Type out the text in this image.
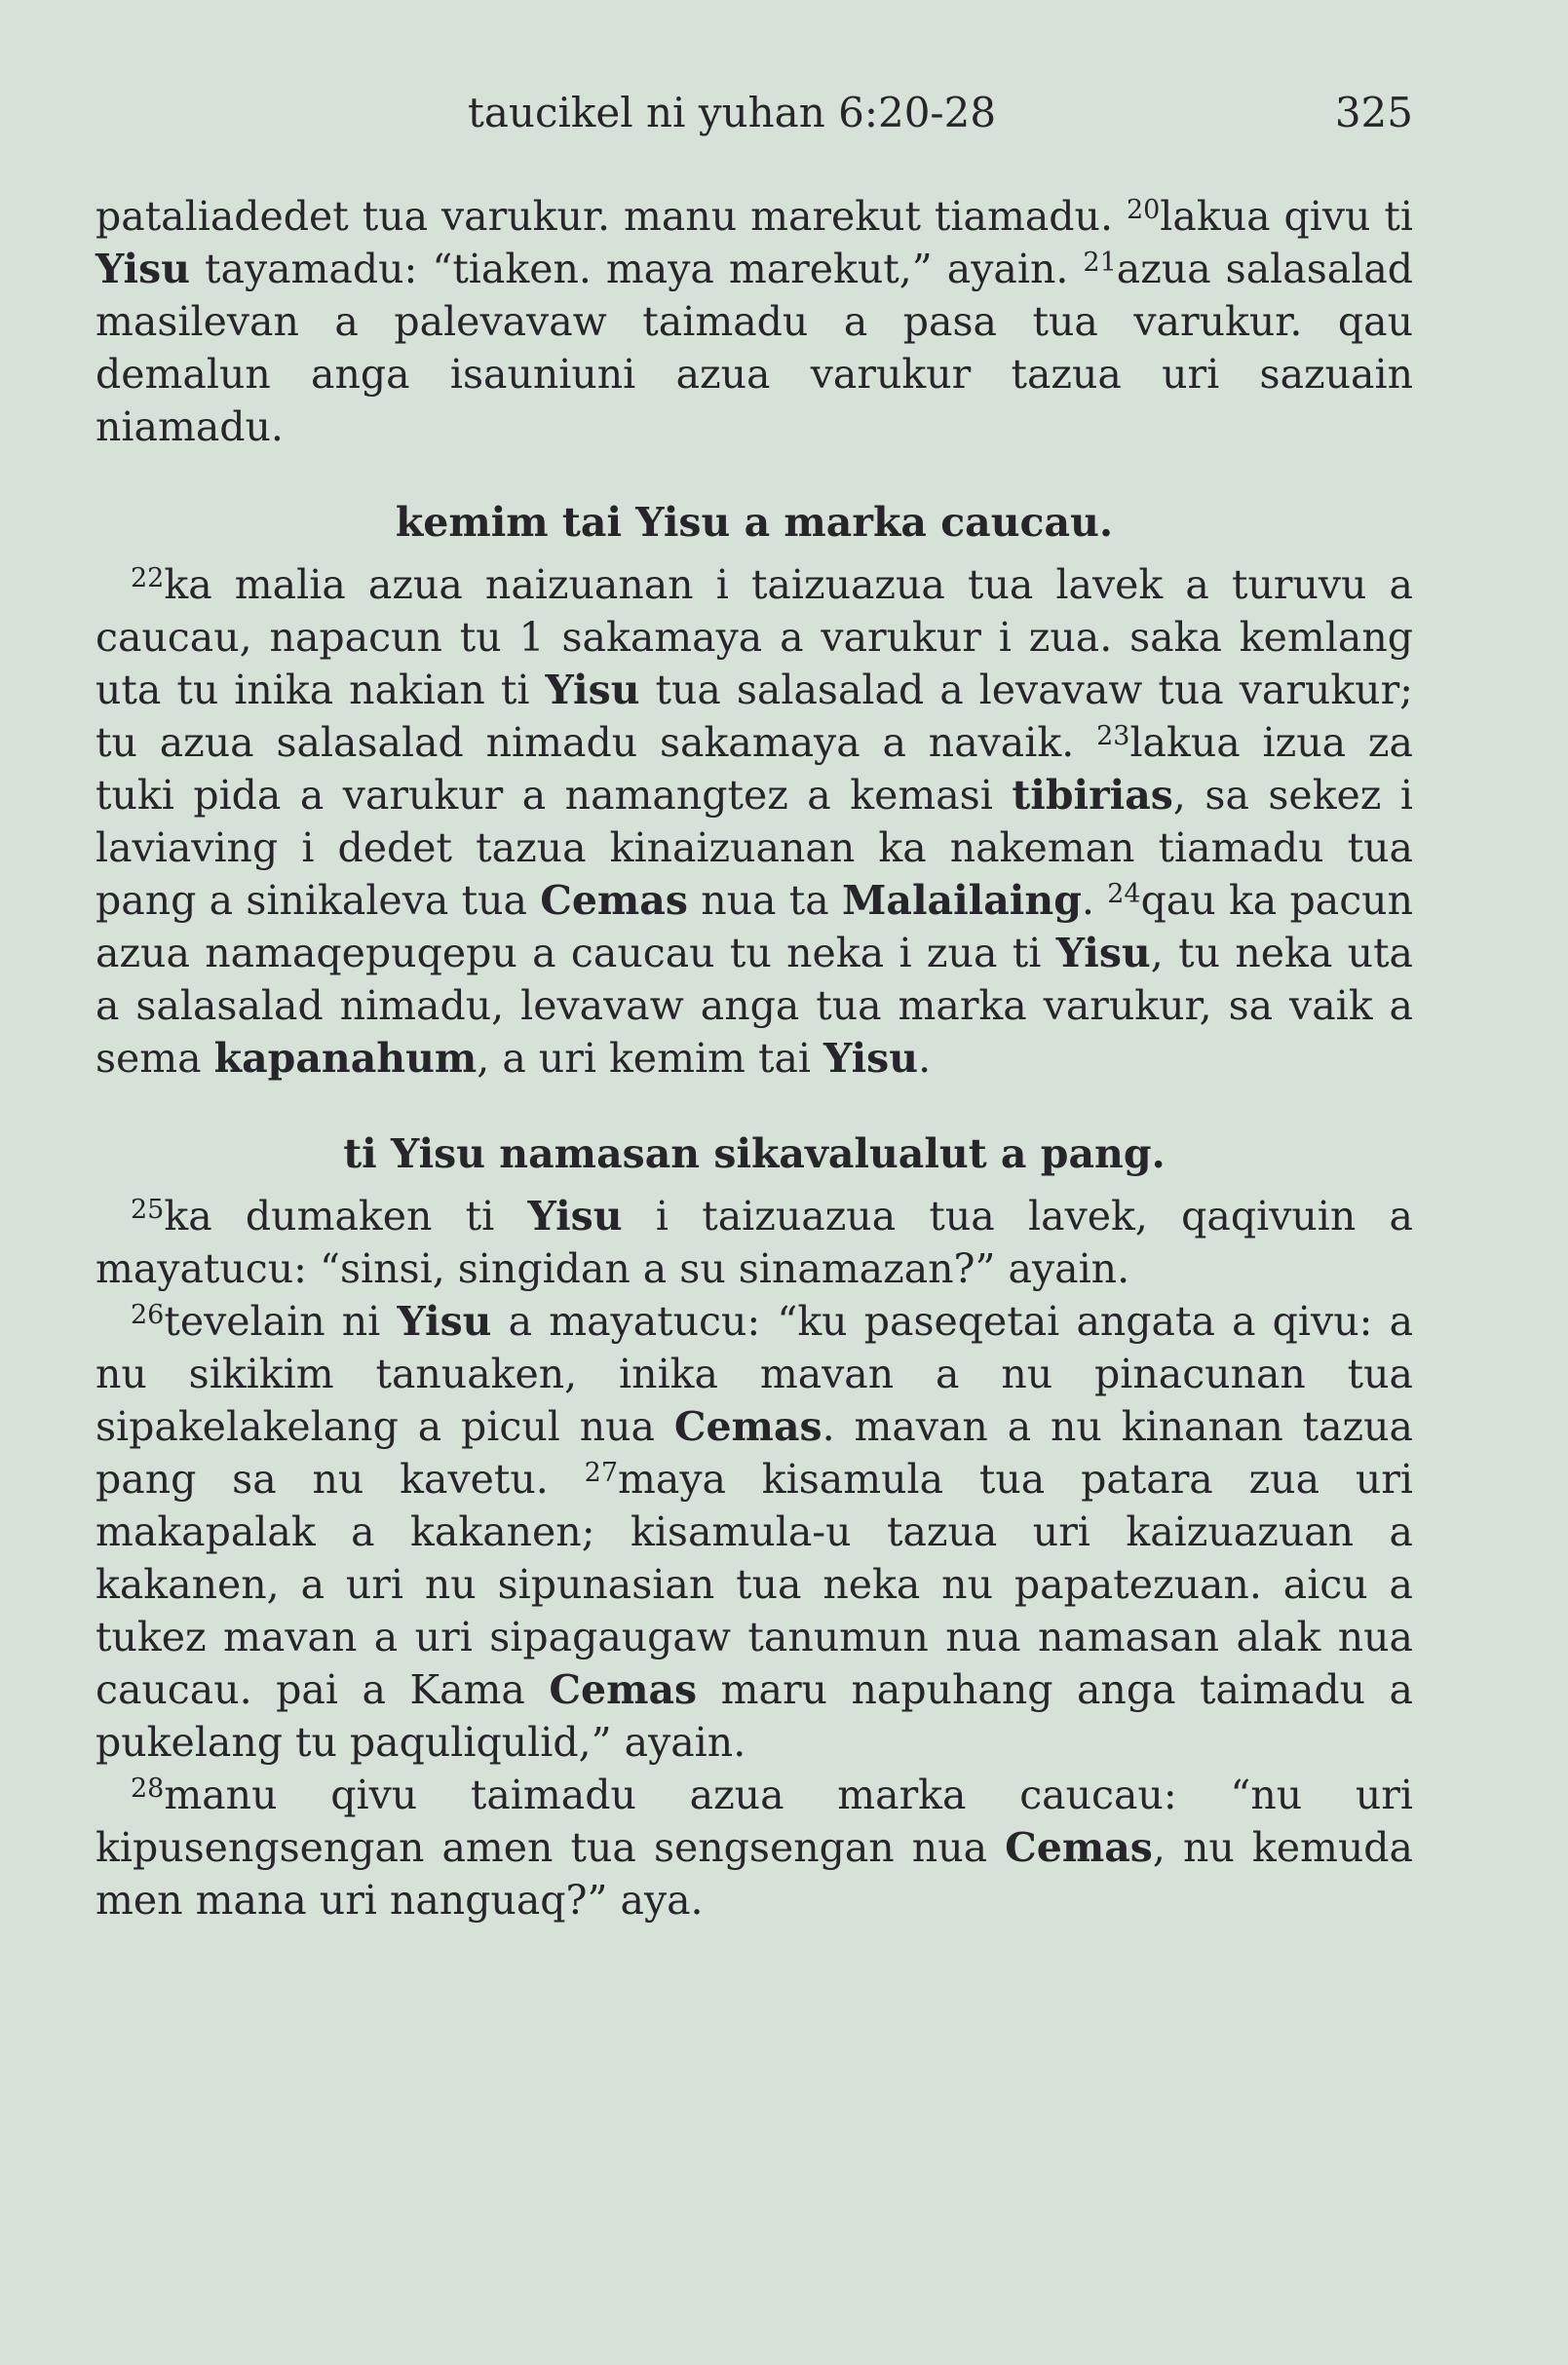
taucikel ni yuhan 6:20-28	325

pataliadedet tua varukur. manu marekut tiamadu. $^{20}$lakua qivu ti Yisu tayamadu: “tiaken. maya marekut,” ayain. $^{21}$azua salasalad masilevan a palevavaw taimadu a pasa tua varukur. qau demalun anga isauniuni azua varukur tazua uri sazuain niamadu.

kemim tai Yisu a marka caucau.

$^{22}$ka malia azua naizuanan i taizuazua tua lavek a turuvu a caucau, napacun tu 1 sakamaya a varukur i zua. saka kemlang uta tu inika nakian ti Yisu tua salasalad a levavaw tua varukur; tu azua salasalad nimadu sakamaya a navaik. $^{23}$lakua izua za tuki pida a varukur a namangtez a kemasi tibirias, sa sekez i laviaving i dedet tazua kinaizuanan ka nakeman tiamadu tua pang a sinikaleva tua Cemas nua ta Malailaing. $^{24}$qau ka pacun azua namaqepuqepu a caucau tu neka i zua ti Yisu, tu neka uta a salasalad nimadu, levavaw anga tua marka varukur, sa vaik a sema kapanahum, a uri kemim tai Yisu.

ti Yisu namasan sikavalualut a pang.

$^{25}$ka dumaken ti Yisu i taizuazua tua lavek, qaqivuin a mayatucu: “sinsi, singidan a su sinamazan?” ayain.

$^{26}$tevelain ni Yisu a mayatucu: “ku paseqetai angata a qivu: a nu sikikim tanuaken, inika mavan a nu pinacunan tua sipakelakelang a picul nua Cemas. mavan a nu kinanan tazua pang sa nu kavetu. $^{27}$maya kisamula tua patara zua uri makapalak a kakanen; kisamula-u tazua uri kaizuazuan a kakanen, a uri nu sipunasian tua neka nu papatezuan. aicu a tukez mavan a uri sipagaugaw tanumun nua namasan alak nua caucau. pai a Kama Cemas maru napuhang anga taimadu a pukelang tu paquliqulid,” ayain.

$^{28}$manu qivu taimadu azua marka caucau: “nu uri kipusengsengan amen tua sengsengan nua Cemas, nu kemuda men mana uri nanguaq?” aya.
